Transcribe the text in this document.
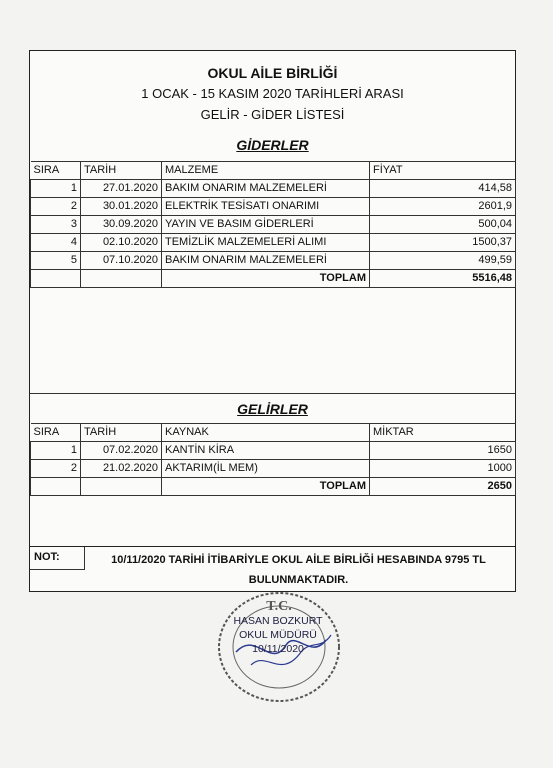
OKUL AİLE BİRLİĞİ
1 OCAK - 15 KASIM 2020 TARİHLERİ ARASI
GELİR - GİDER LİSTESİ
GİDERLER
SIRA	TARİH	MALZEME	FİYAT
1	27.01.2020	BAKIM ONARIM MALZEMELERİ	414,58
2	30.01.2020	ELEKTRİK TESİSATI ONARIMI	2601,9
3	30.09.2020	YAYIN VE BASIM GİDERLERİ	500,04
4	02.10.2020	TEMİZLİK MALZEMELERİ ALIMI	1500,37
5	07.10.2020	BAKIM ONARIM MALZEMELERİ	499,59
		TOPLAM	5516,48
GELİRLER
SIRA	TARİH	KAYNAK	MİKTAR
1	07.02.2020	KANTİN KİRA	1650
2	21.02.2020	AKTARIM(İL MEM)	1000
		TOPLAM	2650
NOT:	10/11/2020 TARİHİ İTİBARİYLE OKUL AİLE BİRLİĞİ HESABINDA 9795 TL BULUNMAKTADIR.
T.C.
HASAN BOZKURT
OKUL MÜDÜRÜ
10/11/2020
